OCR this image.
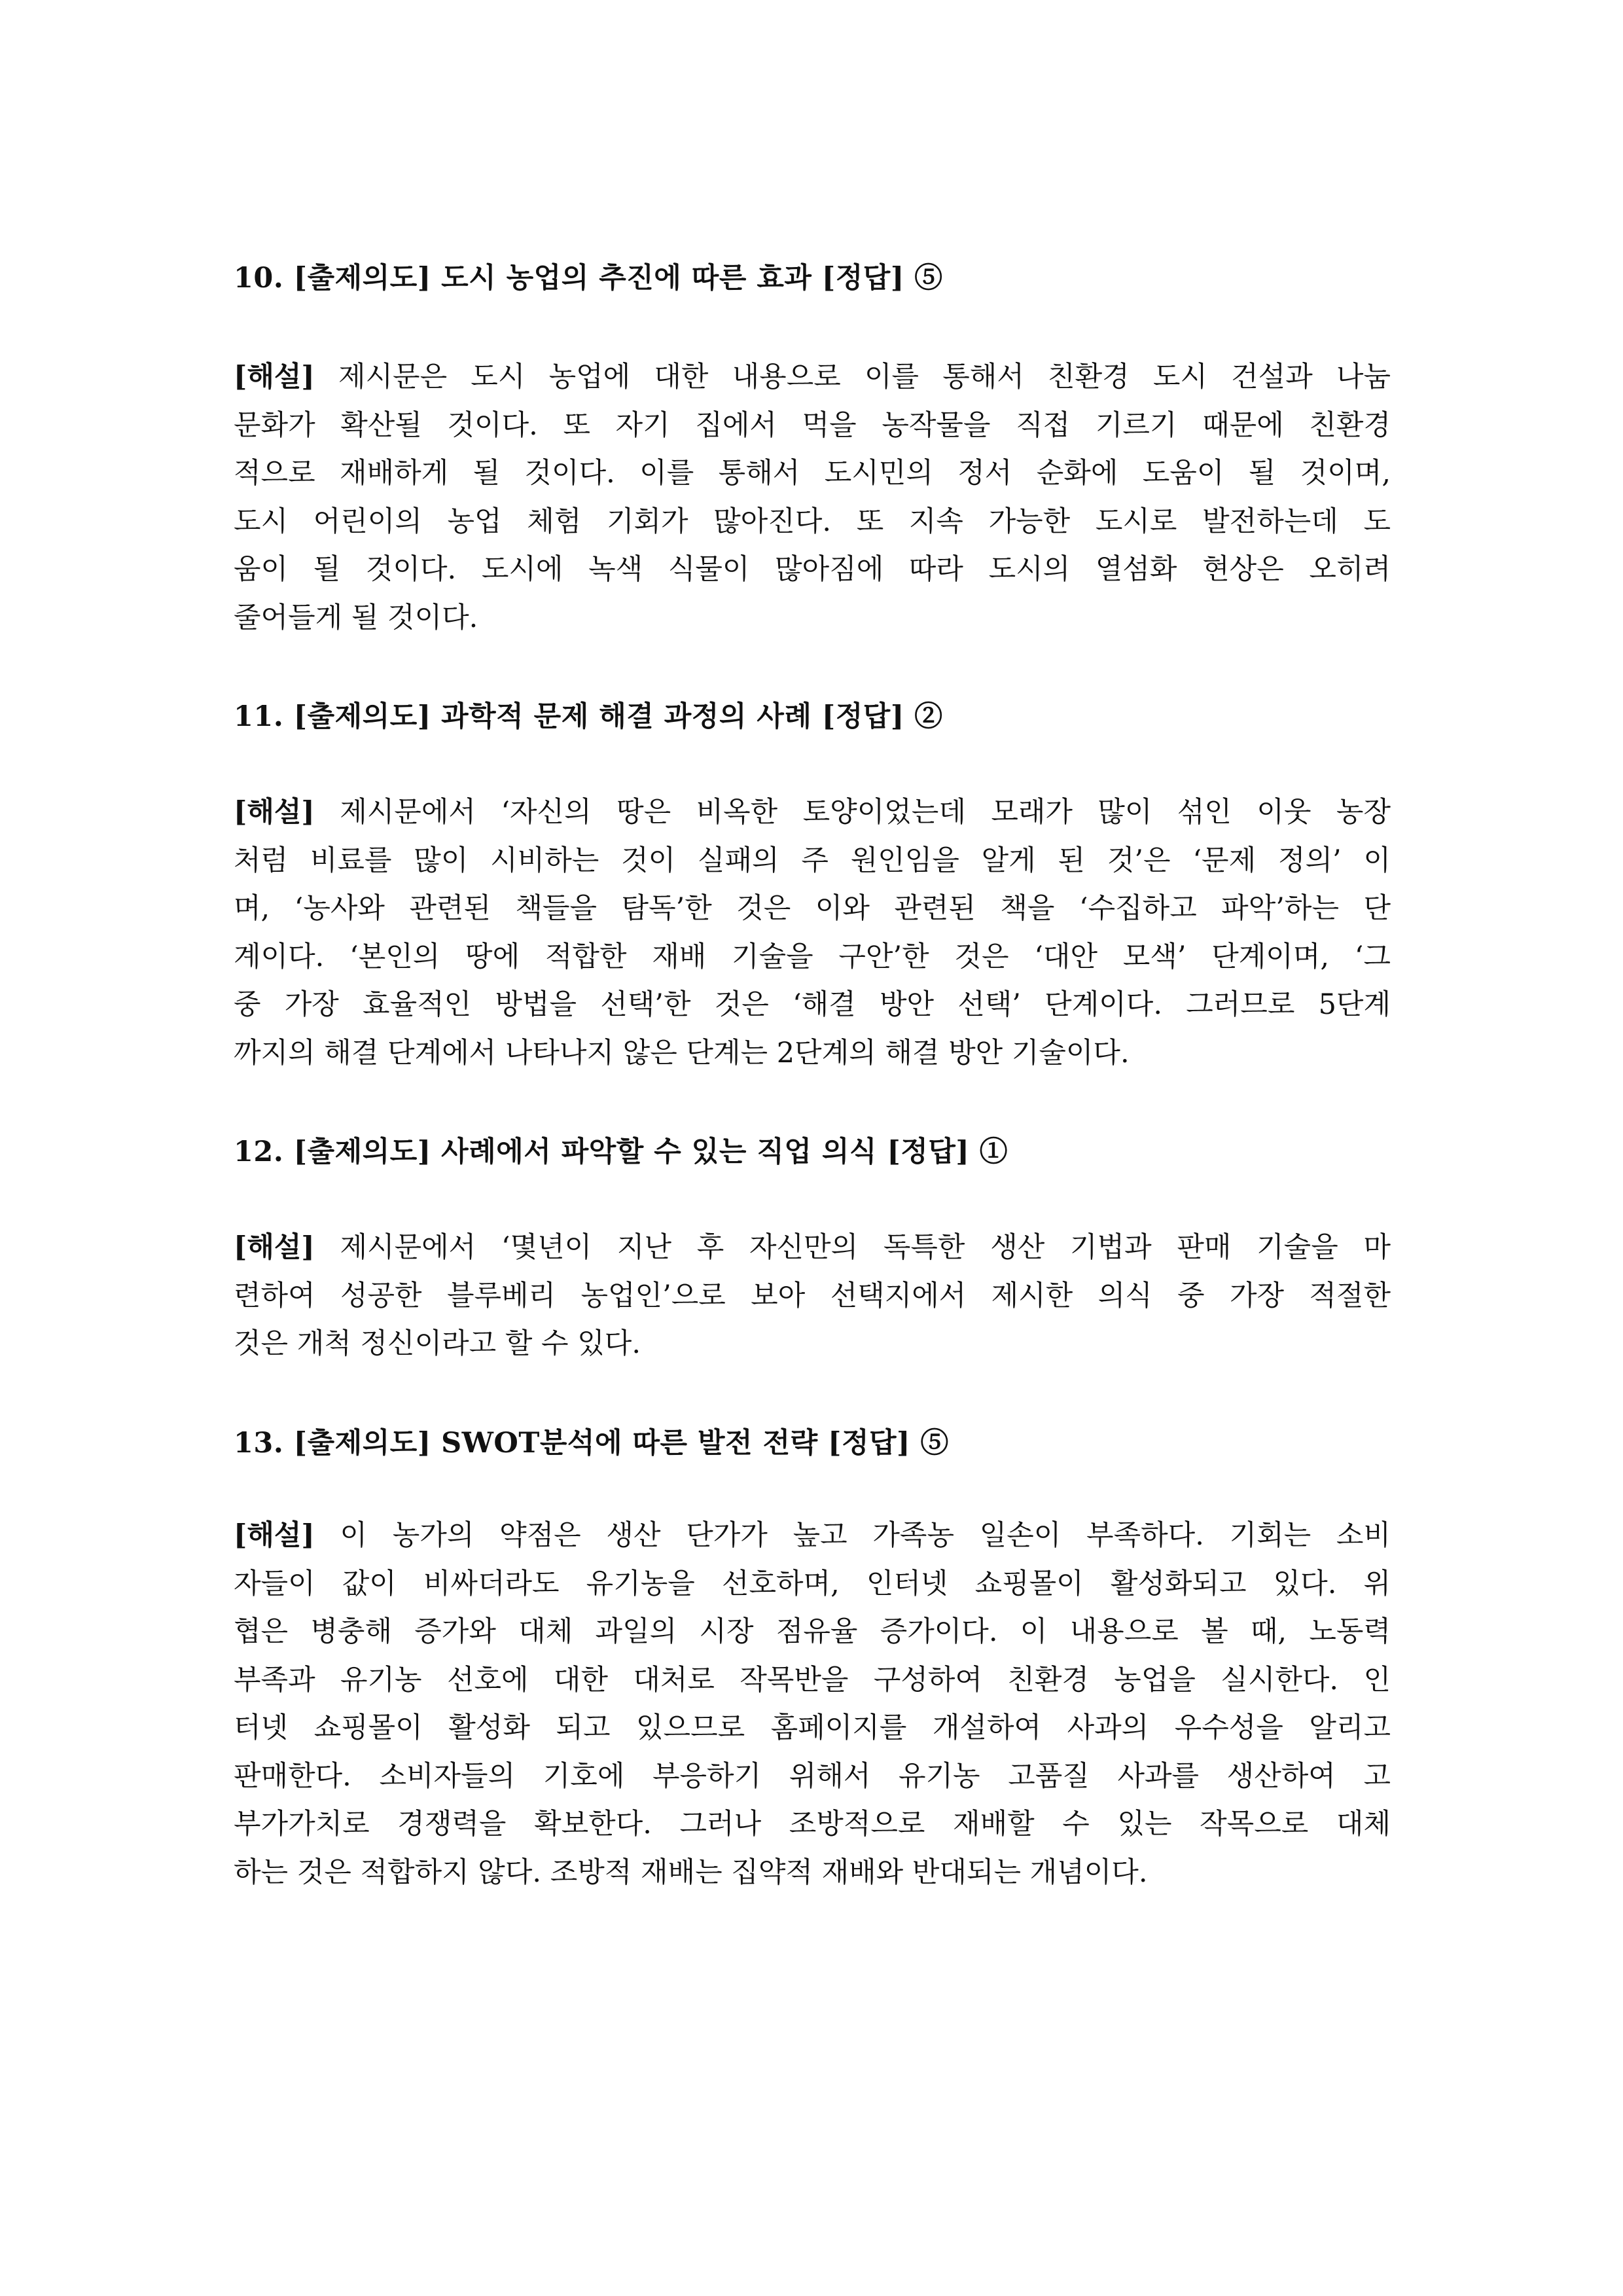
10. [출제의도] 도시 농업의 추진에 따른 효과 [정답] ⑤
[해설] 제시문은 도시 농업에 대한 내용으로 이를 통해서 친환경 도시 건설과 나눔
문화가 확산될 것이다. 또 자기 집에서 먹을 농작물을 직접 기르기 때문에 친환경
적으로 재배하게 될 것이다. 이를 통해서 도시민의 정서 순화에 도움이 될 것이며,
도시 어린이의 농업 체험 기회가 많아진다. 또 지속 가능한 도시로 발전하는데 도
움이 될 것이다. 도시에 녹색 식물이 많아짐에 따라 도시의 열섬화 현상은 오히려
줄어들게 될 것이다.
11. [출제의도] 과학적 문제 해결 과정의 사례 [정답] ②
[해설] 제시문에서 ‘자신의 땅은 비옥한 토양이었는데 모래가 많이 섞인 이웃 농장
처럼 비료를 많이 시비하는 것이 실패의 주 원인임을 알게 된 것’은 ‘문제 정의’ 이
며, ‘농사와 관련된 책들을 탐독’한 것은 이와 관련된 책을 ‘수집하고 파악’하는 단
계이다. ‘본인의 땅에 적합한 재배 기술을 구안’한 것은 ‘대안 모색’ 단계이며, ‘그
중 가장 효율적인 방법을 선택’한 것은 ‘해결 방안 선택’ 단계이다. 그러므로 5단계
까지의 해결 단계에서 나타나지 않은 단계는 2단계의 해결 방안 기술이다.
12. [출제의도] 사례에서 파악할 수 있는 직업 의식 [정답] ①
[해설] 제시문에서 ‘몇년이 지난 후 자신만의 독특한 생산 기법과 판매 기술을 마
련하여 성공한 블루베리 농업인’으로 보아 선택지에서 제시한 의식 중 가장 적절한
것은 개척 정신이라고 할 수 있다.
13. [출제의도] SWOT분석에 따른 발전 전략 [정답] ⑤
[해설] 이 농가의 약점은 생산 단가가 높고 가족농 일손이 부족하다. 기회는 소비
자들이 값이 비싸더라도 유기농을 선호하며, 인터넷 쇼핑몰이 활성화되고 있다. 위
협은 병충해 증가와 대체 과일의 시장 점유율 증가이다. 이 내용으로 볼 때, 노동력
부족과 유기농 선호에 대한 대처로 작목반을 구성하여 친환경 농업을 실시한다. 인
터넷 쇼핑몰이 활성화 되고 있으므로 홈페이지를 개설하여 사과의 우수성을 알리고
판매한다. 소비자들의 기호에 부응하기 위해서 유기농 고품질 사과를 생산하여 고
부가가치로 경쟁력을 확보한다. 그러나 조방적으로 재배할 수 있는 작목으로 대체
하는 것은 적합하지 않다. 조방적 재배는 집약적 재배와 반대되는 개념이다.
